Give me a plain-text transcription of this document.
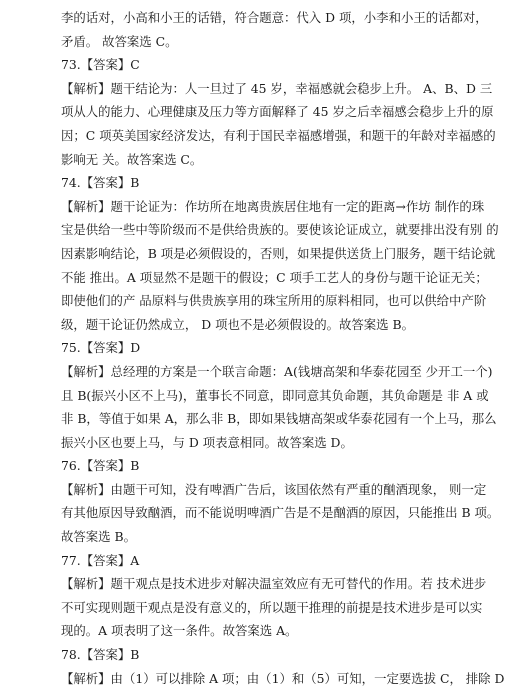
李的话对，小高和小王的话错，符合题意：代入 D 项，小李和小王的话都对，
矛盾。 故答案选 C。
73.【答案】C
【解析】题干结论为：人一旦过了 45 岁，幸福感就会稳步上升。 A、B、D 三
项从人的能力、心理健康及压力等方面解释了 45 岁之后幸福感会稳步上升的原
因；C 项英美国家经济发达，有利于国民幸福感增强，和题干的年龄对幸福感的
影响无 关。故答案选 C。
74.【答案】B
【解析】题干论证为：作坊所在地离贵族居住地有一定的距离→作坊 制作的珠
宝是供给一些中等阶级而不是供给贵族的。要使该论证成立，就要排出没有别 的
因素影响结论，B 项是必须假设的，否则，如果提供送货上门服务，题干结论就
不能 推出。A 项显然不是题干的假设；C 项手工艺人的身份与题干论证无关；
即使他们的产 品原料与供贵族享用的珠宝所用的原料相同，也可以供给中产阶
级，题干论证仍然成立， D 项也不是必须假设的。故答案选 B。
75.【答案】D
【解析】总经理的方案是一个联言命题：A(钱塘高架和华泰花园至 少开工一个)
且 B(振兴小区不上马)，董事长不同意，即同意其负命题，其负命题是 非 A 或
非 B，等值于如果 A，那么非 B，即如果钱塘高架或华泰花园有一个上马，那么
振兴小区也要上马，与 D 项表意相同。故答案选 D。
76.【答案】B
【解析】由题干可知，没有啤酒广告后，该国依然有严重的酗酒现象， 则一定
有其他原因导致酗酒，而不能说明啤酒广告是不是酗酒的原因，只能推出 B 项。
故答案选 B。
77.【答案】A
【解析】题干观点是技术进步对解决温室效应有无可替代的作用。若 技术进步
不可实现则题干观点是没有意义的，所以题干推理的前提是技术进步是可以实
现的。A 项表明了这一条件。故答案选 A。
78.【答案】B
【解析】由（1）可以排除 A 项；由（1）和（5）可知，一定要选拔 C， 排除 D
